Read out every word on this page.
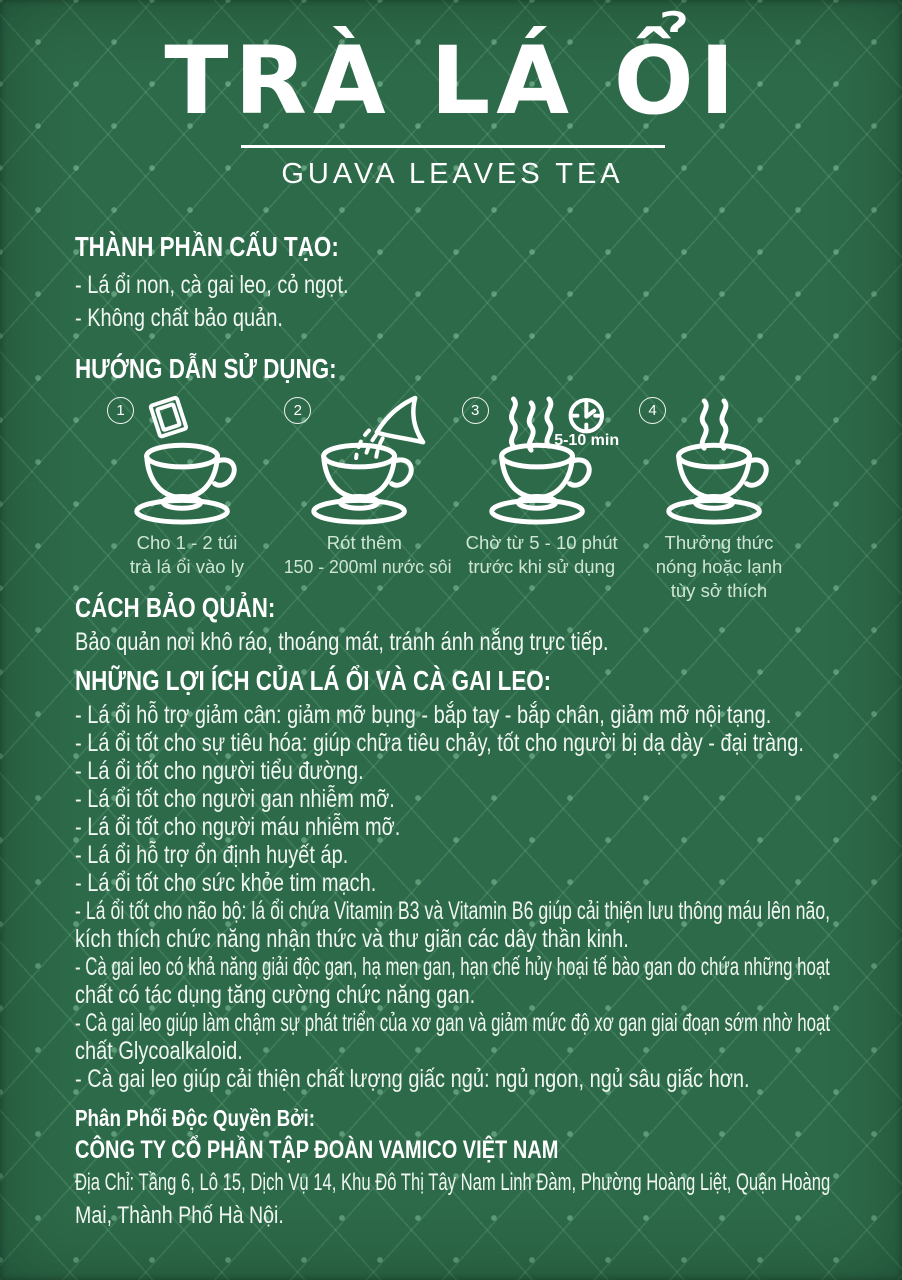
TRÀ LÁ ỔI
GUAVA LEAVES TEA
THÀNH PHẦN CẤU TẠO:
- Lá ổi non, cà gai leo, cỏ ngọt.
- Không chất bảo quản.
HƯỚNG DẪN SỬ DỤNG:
1
Cho 1 - 2 túi
trà lá ổi vào ly
2
Rót thêm
150 - 200ml nước sôi
3
5-10 min
Chờ từ 5 - 10 phút
trước khi sử dụng
4
Thưởng thức
nóng hoặc lạnh
tùy sở thích
CÁCH BẢO QUẢN:
Bảo quản nơi khô ráo, thoáng mát, tránh ánh nắng trực tiếp.
NHỮNG LỢI ÍCH CỦA LÁ ỔI VÀ CÀ GAI LEO:
- Lá ổi hỗ trợ giảm cân: giảm mỡ bụng - bắp tay - bắp chân, giảm mỡ nội tạng.
- Lá ổi tốt cho sự tiêu hóa: giúp chữa tiêu chảy, tốt cho người bị dạ dày - đại tràng.
- Lá ổi tốt cho người tiểu đường.
- Lá ổi tốt cho người gan nhiễm mỡ.
- Lá ổi tốt cho người máu nhiễm mỡ.
- Lá ổi hỗ trợ ổn định huyết áp.
- Lá ổi tốt cho sức khỏe tim mạch.
- Lá ổi tốt cho não bộ: lá ổi chứa Vitamin B3 và Vitamin B6 giúp cải thiện lưu thông máu lên não,
kích thích chức năng nhận thức và thư giãn các dây thần kinh.
- Cà gai leo có khả năng giải độc gan, hạ men gan, hạn chế hủy hoại tế bào gan do chứa những hoạt
chất có tác dụng tăng cường chức năng gan.
- Cà gai leo giúp làm chậm sự phát triển của xơ gan và giảm mức độ xơ gan giai đoạn sớm nhờ hoạt
chất Glycoalkaloid.
- Cà gai leo giúp cải thiện chất lượng giấc ngủ: ngủ ngon, ngủ sâu giấc hơn.
Phân Phối Độc Quyền Bởi:
CÔNG TY CỔ PHẦN TẬP ĐOÀN VAMICO VIỆT NAM
Địa Chỉ: Tầng 6, Lô 15, Dịch Vụ 14, Khu Đô Thị Tây Nam Linh Đàm, Phường Hoàng Liệt, Quận Hoàng
Mai, Thành Phố Hà Nội.
